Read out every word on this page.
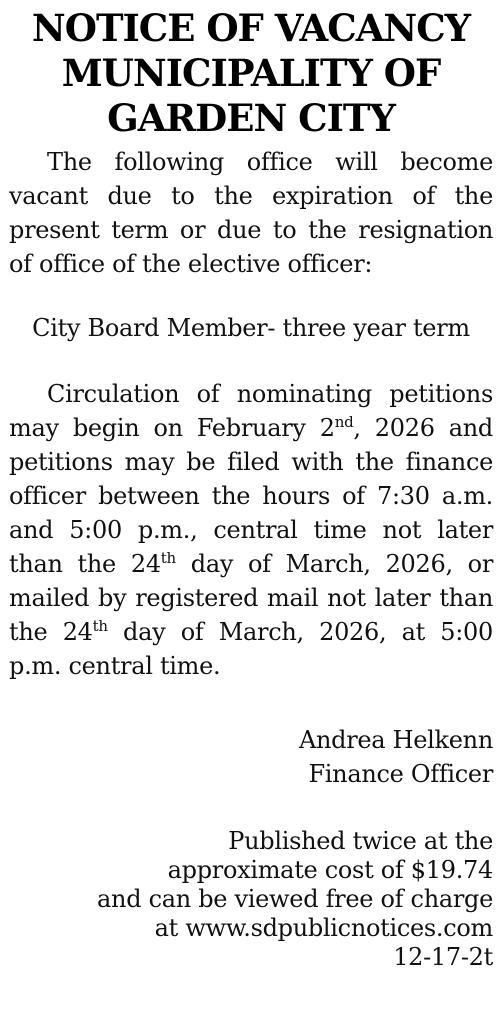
NOTICE OF VACANCY
MUNICIPALITY OF
GARDEN CITY

The following office will become vacant due to the expiration of the present term or due to the resignation of office of the elective officer:

City Board Member- three year term

Circulation of nominating petitions may begin on February 2nd, 2026 and petitions may be filed with the finance officer between the hours of 7:30 a.m. and 5:00 p.m., central time not later than the 24th day of March, 2026, or mailed by registered mail not later than the 24th day of March, 2026, at 5:00 p.m. central time.

Andrea Helkenn
Finance Officer
Published twice at the
approximate cost of $19.74
and can be viewed free of charge
at www.sdpublicnotices.com
12-17-2t
